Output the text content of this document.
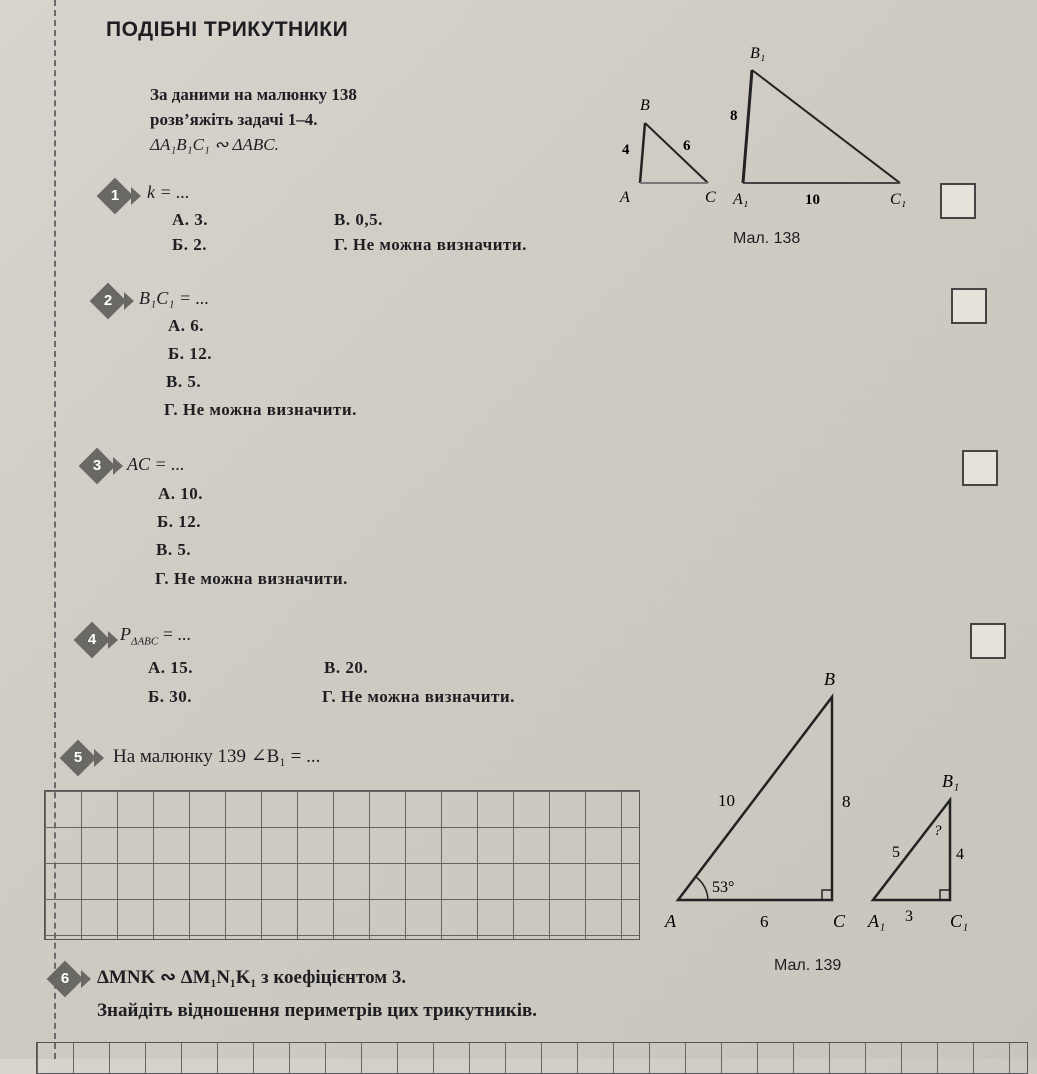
ПОДІБНІ ТРИКУТНИКИ
За даними на малюнку 138
розв’яжіть задачі 1–4.
ΔA₁B₁C₁ ∾ ΔABC.
B
4	6
A	C
B₁
8
A₁	10	C₁
Мал. 138
1	k = ...
А. 3.
Б. 2.
В. 0,5.
Г. Не можна визначити.
2	B₁C₁ = ...
А. 6.
Б. 12.
В. 5.
Г. Не можна визначити.
3	AC = ...
А. 10.
Б. 12.
В. 5.
Г. Не можна визначити.
4	$P_{\Delta ABC}$ = ...
А. 15.
Б. 30.
В. 20.
Г. Не можна визначити.
5	На малюнку 139 ∠B₁ = ...
B
10	8
53°
A	6	C
B₁
?
5	4
A₁ 3 C₁
Мал. 139
6	ΔMNK ∾ ΔM₁N₁K₁ з коефіцієнтом 3.
Знайдіть відношення периметрів цих трикутників.
